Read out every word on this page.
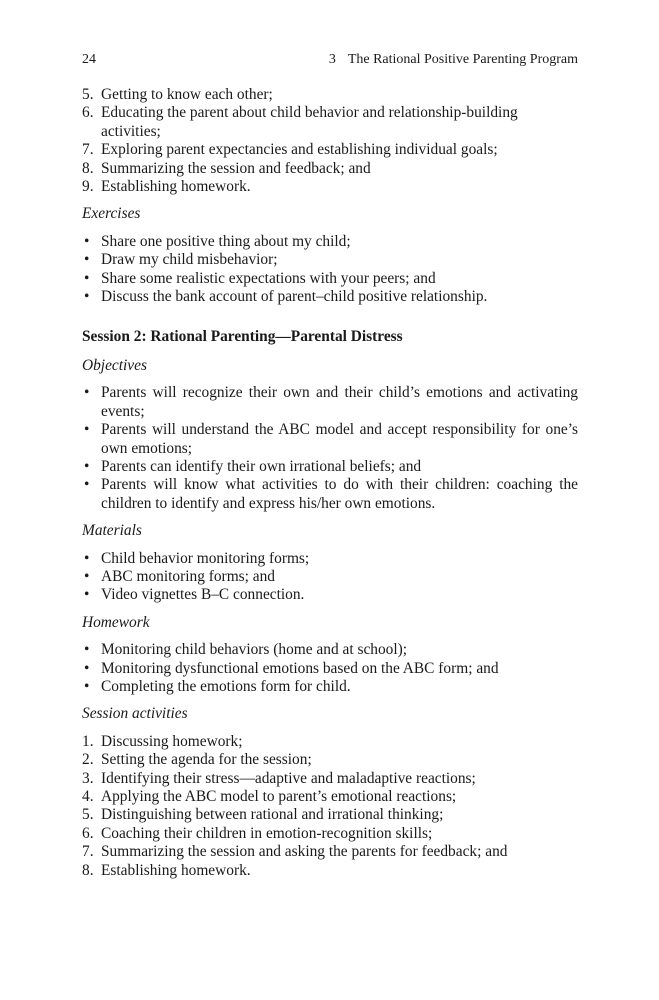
24	3 The Rational Positive Parenting Program
5. Getting to know each other;
6. Educating the parent about child behavior and relationship-building activities;
7. Exploring parent expectancies and establishing individual goals;
8. Summarizing the session and feedback; and
9. Establishing homework.

Exercises

• Share one positive thing about my child;
• Draw my child misbehavior;
• Share some realistic expectations with your peers; and
• Discuss the bank account of parent–child positive relationship.

Session 2: Rational Parenting—Parental Distress

Objectives

• Parents will recognize their own and their child’s emotions and activating events;
• Parents will understand the ABC model and accept responsibility for one’s own emotions;
• Parents can identify their own irrational beliefs; and
• Parents will know what activities to do with their children: coaching the children to identify and express his/her own emotions.

Materials

• Child behavior monitoring forms;
• ABC monitoring forms; and
• Video vignettes B–C connection.

Homework

• Monitoring child behaviors (home and at school);
• Monitoring dysfunctional emotions based on the ABC form; and
• Completing the emotions form for child.

Session activities

1. Discussing homework;
2. Setting the agenda for the session;
3. Identifying their stress—adaptive and maladaptive reactions;
4. Applying the ABC model to parent’s emotional reactions;
5. Distinguishing between rational and irrational thinking;
6. Coaching their children in emotion-recognition skills;
7. Summarizing the session and asking the parents for feedback; and
8. Establishing homework.
